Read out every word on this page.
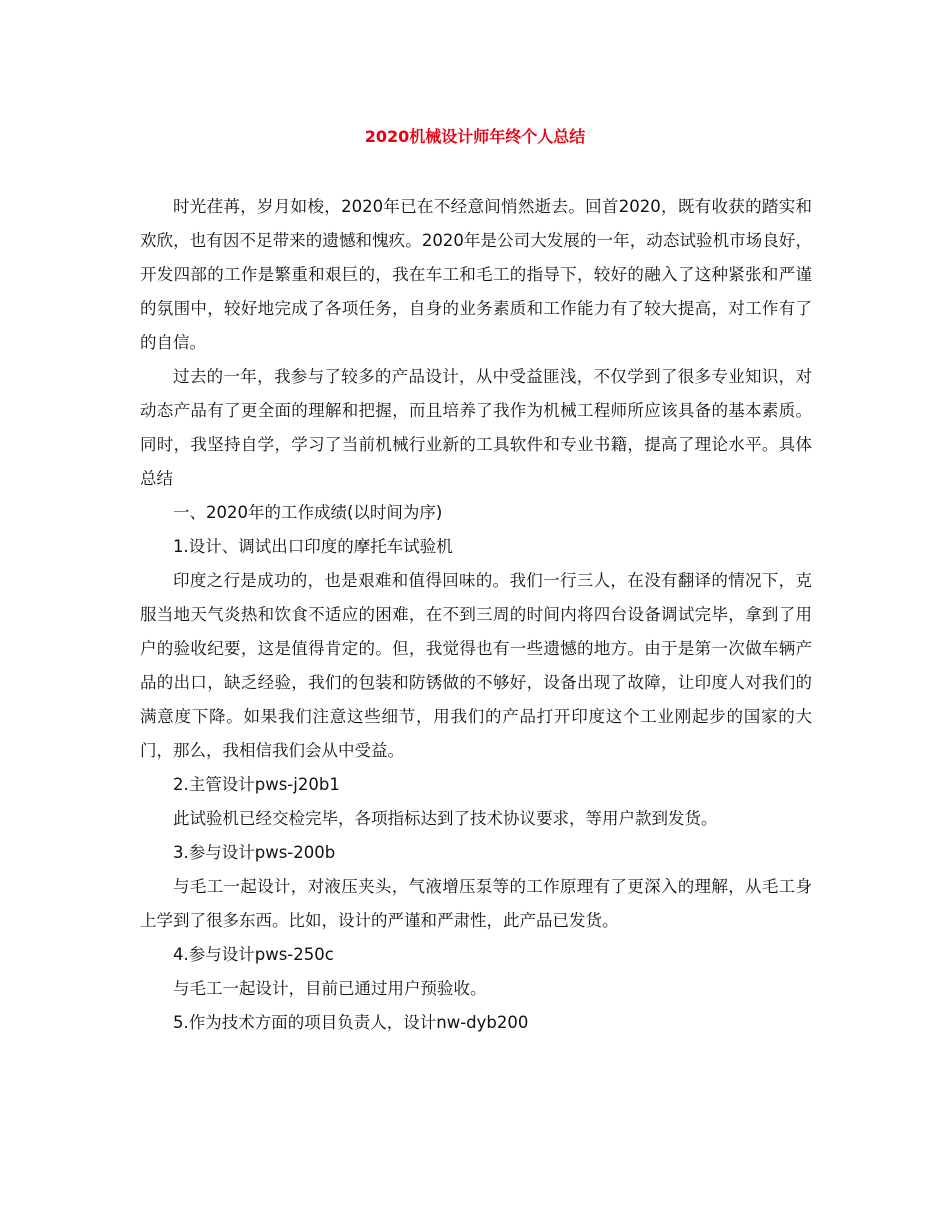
2020机械设计师年终个人总结

时光荏苒，岁月如梭，2020年已在不经意间悄然逝去。回首2020，既有收获的踏实和欢欣，也有因不足带来的遗憾和愧疚。2020年是公司大发展的一年，动态试验机市场良好，开发四部的工作是繁重和艰巨的，我在车工和毛工的指导下，较好的融入了这种紧张和严谨的氛围中，较好地完成了各项任务，自身的业务素质和工作能力有了较大提高，对工作有了的自信。

过去的一年，我参与了较多的产品设计，从中受益匪浅，不仅学到了很多专业知识，对动态产品有了更全面的理解和把握，而且培养了我作为机械工程师所应该具备的基本素质。同时，我坚持自学，学习了当前机械行业新的工具软件和专业书籍，提高了理论水平。具体总结

一、2020年的工作成绩(以时间为序)

1.设计、调试出口印度的摩托车试验机

印度之行是成功的，也是艰难和值得回味的。我们一行三人，在没有翻译的情况下，克服当地天气炎热和饮食不适应的困难，在不到三周的时间内将四台设备调试完毕，拿到了用户的验收纪要，这是值得肯定的。但，我觉得也有一些遗憾的地方。由于是第一次做车辆产品的出口，缺乏经验，我们的包装和防锈做的不够好，设备出现了故障，让印度人对我们的满意度下降。如果我们注意这些细节，用我们的产品打开印度这个工业刚起步的国家的大门，那么，我相信我们会从中受益。

2.主管设计pws-j20b1

此试验机已经交检完毕，各项指标达到了技术协议要求，等用户款到发货。

3.参与设计pws-200b

与毛工一起设计，对液压夹头，气液增压泵等的工作原理有了更深入的理解，从毛工身上学到了很多东西。比如，设计的严谨和严肃性，此产品已发货。

4.参与设计pws-250c

与毛工一起设计，目前已通过用户预验收。

5.作为技术方面的项目负责人，设计nw-dyb200
